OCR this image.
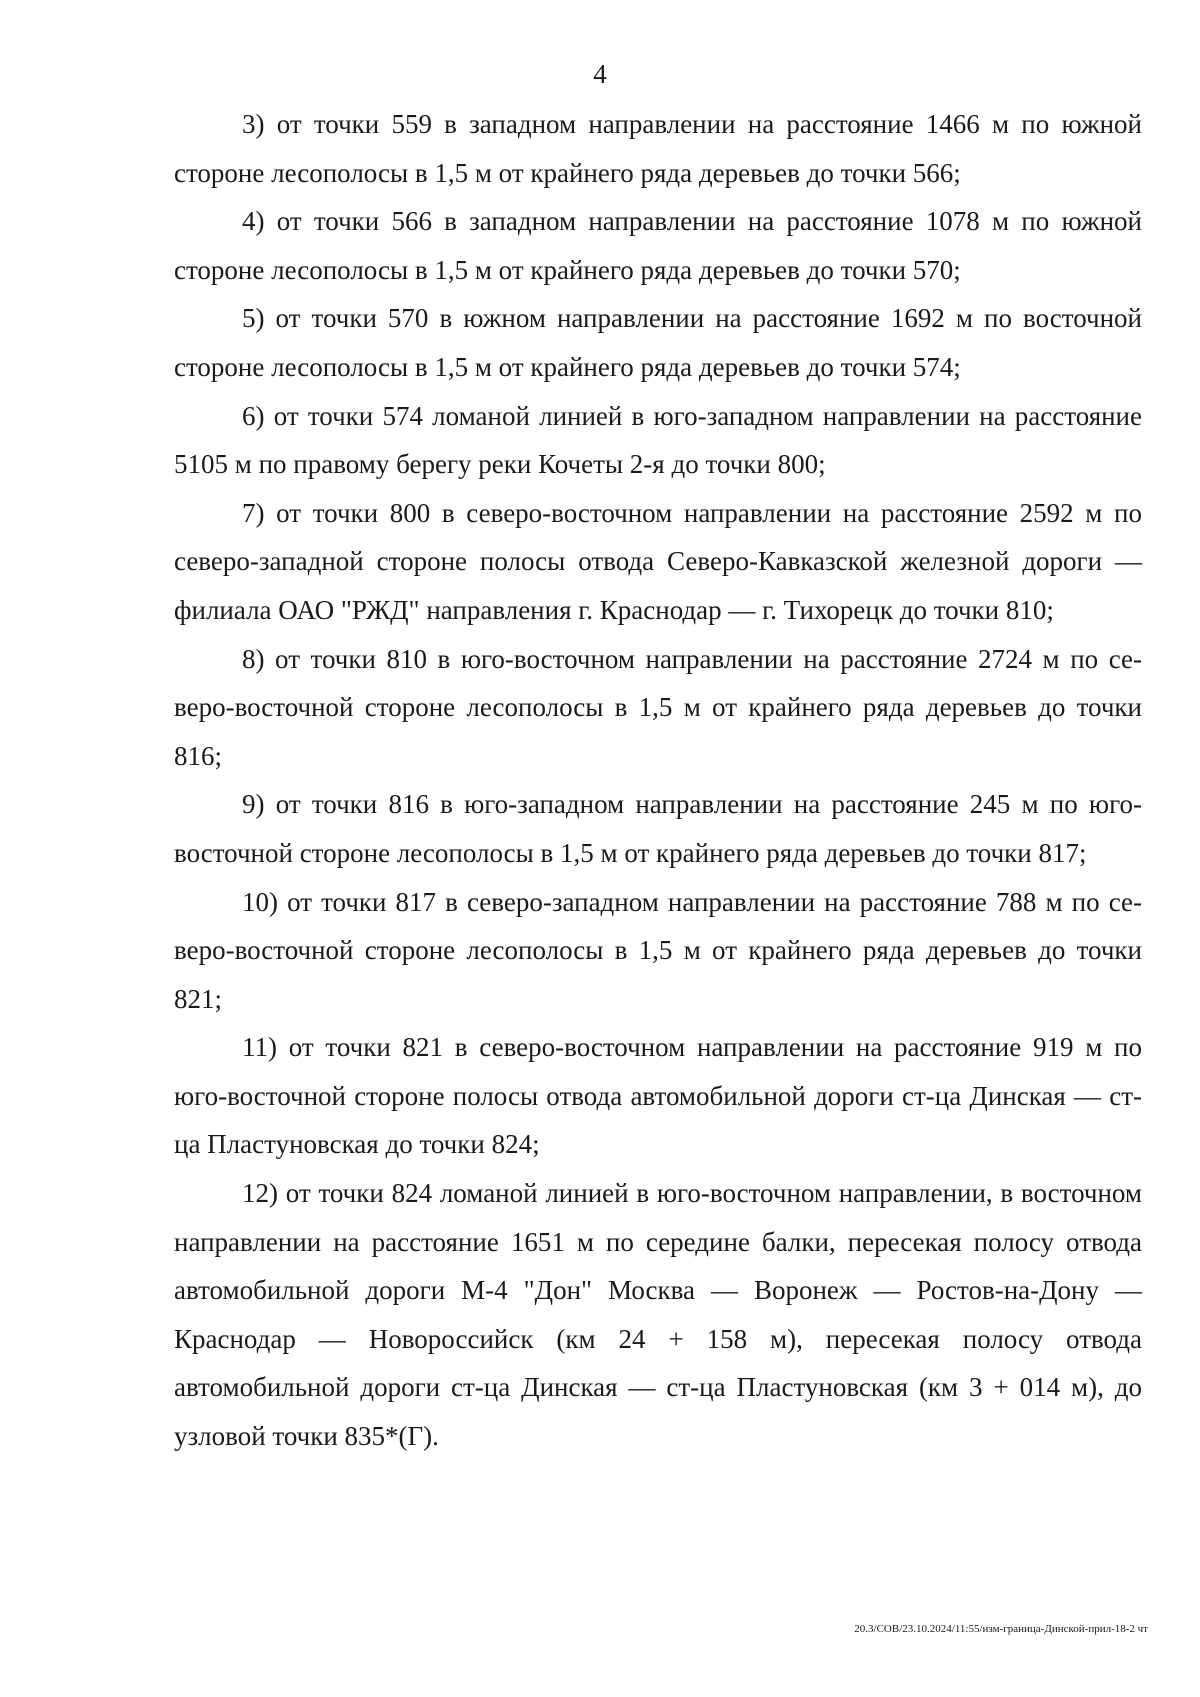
4

3) от точки 559 в западном направлении на расстояние 1466 м по южной стороне лесополосы в 1,5 м от крайнего ряда деревьев до точки 566;

4) от точки 566 в западном направлении на расстояние 1078 м по южной стороне лесополосы в 1,5 м от крайнего ряда деревьев до точки 570;

5) от точки 570 в южном направлении на расстояние 1692 м по восточной стороне лесополосы в 1,5 м от крайнего ряда деревьев до точки 574;

6) от точки 574 ломаной линией в юго-западном направлении на расстояние 5105 м по правому берегу реки Кочеты 2-я до точки 800;

7) от точки 800 в северо-восточном направлении на расстояние 2592 м по северо-западной стороне полосы отвода Северо-Кавказской железной дороги — филиала ОАО "РЖД" направления г. Краснодар — г. Тихорецк до точки 810;

8) от точки 810 в юго-восточном направлении на расстояние 2724 м по северо-восточной стороне лесополосы в 1,5 м от крайнего ряда деревьев до точки 816;

9) от точки 816 в юго-западном направлении на расстояние 245 м по юго-восточной стороне лесополосы в 1,5 м от крайнего ряда деревьев до точки 817;

10) от точки 817 в северо-западном направлении на расстояние 788 м по северо-восточной стороне лесополосы в 1,5 м от крайнего ряда деревьев до точки 821;

11) от точки 821 в северо-восточном направлении на расстояние 919 м по юго-восточной стороне полосы отвода автомобильной дороги ст-ца Динская — ст-ца Пластуновская до точки 824;

12) от точки 824 ломаной линией в юго-восточном направлении, в восточном направлении на расстояние 1651 м по середине балки, пересекая полосу отвода автомобильной дороги М-4 "Дон" Москва — Воронеж — Ростов-на-Дону — Краснодар — Новороссийск (км 24 + 158 м), пересекая полосу отвода автомобильной дороги ст-ца Динская — ст-ца Пластуновская (км 3 + 014 м), до узловой точки 835*(Г).

20.3/СОВ/23.10.2024/11:55/изм-граница-Динской-прил-18-2 чт
